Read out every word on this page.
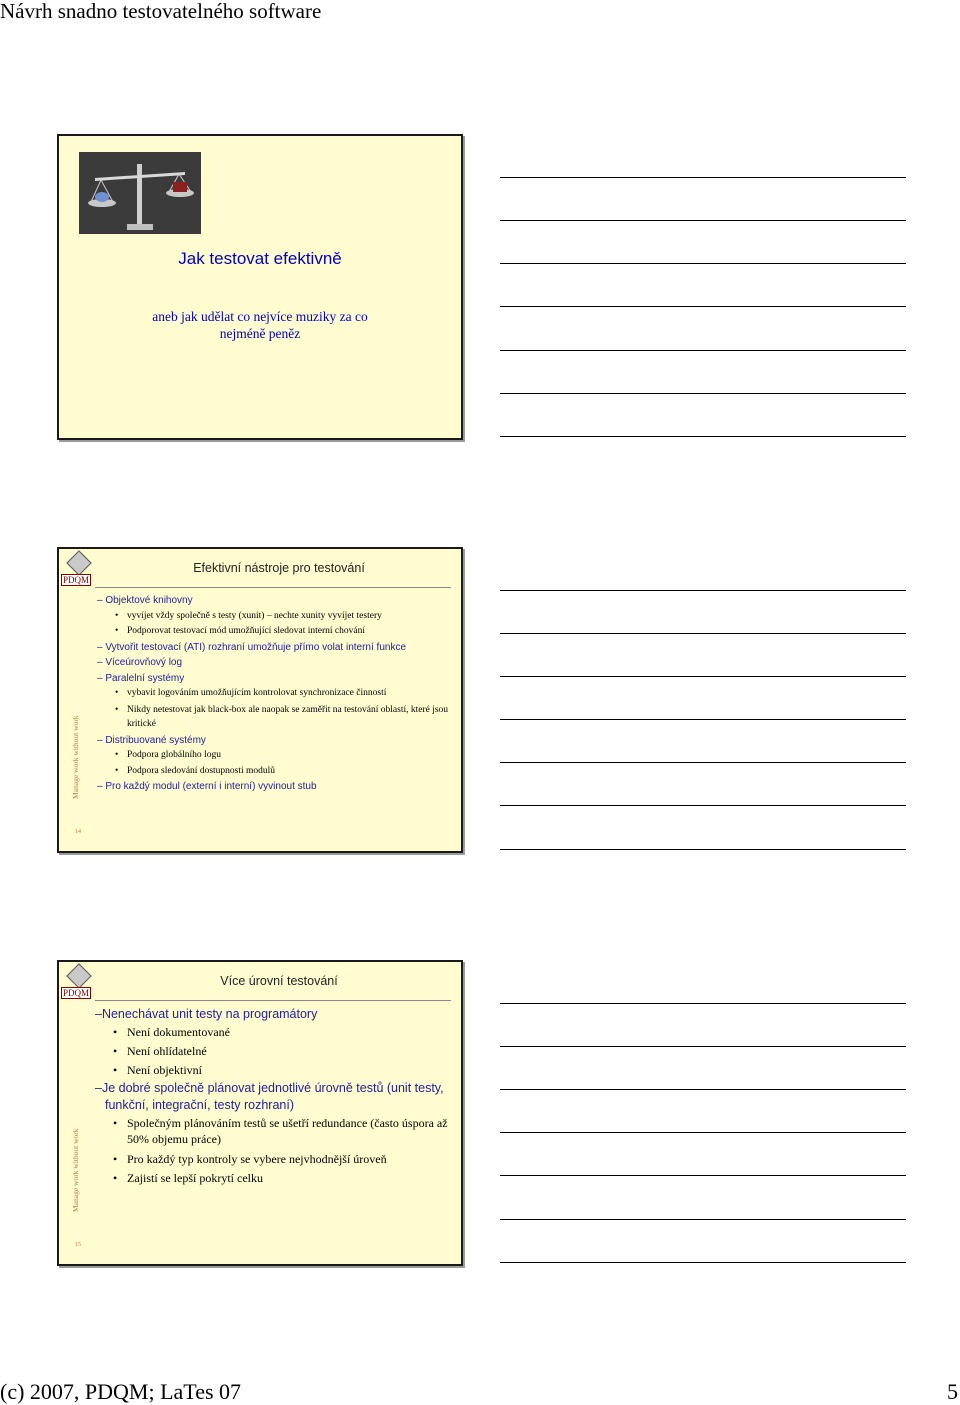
Návrh snadno testovatelného software
Jak testovat efektivně
aneb jak udělat co nejvíce muziky za co
nejméně peněz
PDQM
Efektivní nástroje pro testování
Manage work without work
14
– Objektové knihovny
• vyvíjet vždy společně s testy (xunit) – nechte xunity vyvíjet testery
• Podporovat testovací mód umožňující sledovat interní chování
– Vytvořit testovací (ATI) rozhraní umožňuje přímo volat interní funkce
– Víceúrovňový log
– Paralelní systémy
• vybavit logováním umožňujícím kontrolovat synchronizace činností
• Nikdy netestovat jak black-box ale naopak se zaměřit na testování oblastí, které jsou kritické
– Distribuované systémy
• Podpora globálního logu
• Podpora sledování dostupnosti modulů
– Pro každý modul (externí i interní) vyvinout stub
PDQM
Více úrovní testování
Manage work without work
15
–Nenechávat unit testy na programátory
• Není dokumentované
• Není ohlídatelné
• Není objektivní
–Je dobré společně plánovat jednotlivé úrovně testů (unit testy, funkční, integrační, testy rozhraní)
• Společným plánováním testů se ušetří redundance (často úspora až 50% objemu práce)
• Pro každý typ kontroly se vybere nejvhodnější úroveň
• Zajistí se lepší pokrytí celku
(c) 2007, PDQM; LaTes 07	5
